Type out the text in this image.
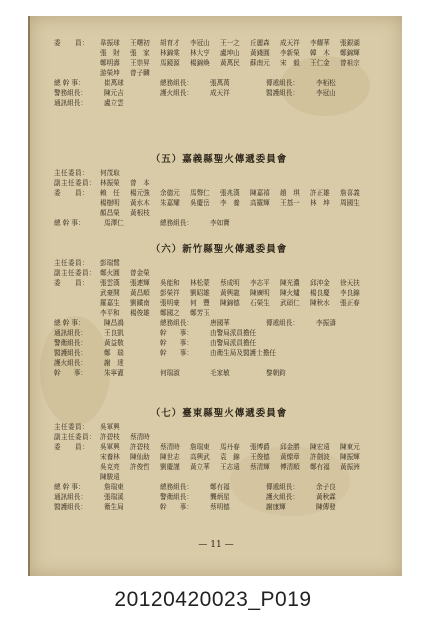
委　　員：	韋振球	王曙初	胡育才	李冠山	王一之	丘麗森	成天祥	李耀華	張銀湖
張　財	張　家	林錦棠	林大亨	盧坤山	黃錢圓	李新榮	韓　木	鄭錦輝
鄭明壽	王崇昇	馬鏡源	楊錦煥	黃萬民	蘇南元	宋　毅	王仁金	曾祖宗
游榮坤	曾子麟
總 幹 事：	崔萬球	總務組長：	張萬萬	傳遞組長：	李栢松
警務組長：	陳元吉	護火組長：	成天祥	醫護組長：	李冠山
通訊組長：	盧立雲
（五）嘉義縣聖火傳遞委員會
主任委員：	何茂取
副主任委員： 林振榮	曾　本
委　　員：	賴　任	楊元強	余德元	馬聲仁	張兆漢	陳嘉禧	趙　琪	許正雄	詹喜義
楊樹明	黃水木	朱嘉耀	吳慶岳	李　養	高羅輝	王基一	林　坤	周國生
顏昌榮	黃根枝
總 幹 事：	馬澤仁	總務組長：	李如寶
（六）新竹縣聖火傳遞委員會
主任委員：	彭瑞鷺
副主任委員： 鄭火圓	曾金榮
委　　員：	張雲漢	張連輝	吳能和	林松蒙	蔡成明	李志平	陳光濃	邱沖金	徐天扶
武豪開	黃昌順	彭榮祥	劉昭雄	黃興龍	陳廣明	陳火爐	楊良慶	李良錦
羅嘉生	劉鐵南	張明豪	何　豐	陳錦德	石榮生	武碩仁	陳秋水	張正春
李平和	楊俊雄	鄭國之	鄭芳玉
總 幹 事：	陳昌鴻	總務組長：	唐國華	傳遞組長：	李振濤
通訊組長：	王良凱	幹　　事：	由警局派員擔任
警衛組長：	黃益敬	幹　　事：	由警局派員擔任
醫護組長：	鄭　瑞	幹　　事：	由衛生局及醫護士擔任
護火組長：	謝　達
幹　　事：	朱寧灌	何瑞淑	毛家敏	黎朝鈞
（七）臺東縣聖火傳遞委員會
主任委員：	吳軍興
副主任委員： 許碧枝	蔡清時
委　　員：	吳軍興	許碧枝	蔡清時	詹瑞東	馬丹春	張博爵	邱金勝	陳宏遠	陳東元
宋養林	陳仙助	陳世志	高興武	袁　錦	王俊德	黃燦章	許劍波	陳振輝
吳克亮	許俊哲	劉慶謹	黃立華	王志遠	蔡清輝	傅清順	鄭有福	黃振洲
陳駿遠
總 幹 事：	詹瑞東	總務組長：	鄭有福	傳遞組長：	余子良
通訊組長：	張瑞溪	警衛組長：	龔炳星	護火組長：	黃秋霖
醫護組長：	衛生局	幹　　事：	蔡明德	謝康輝	陳傳發
— 11 —
20120420023_P019
